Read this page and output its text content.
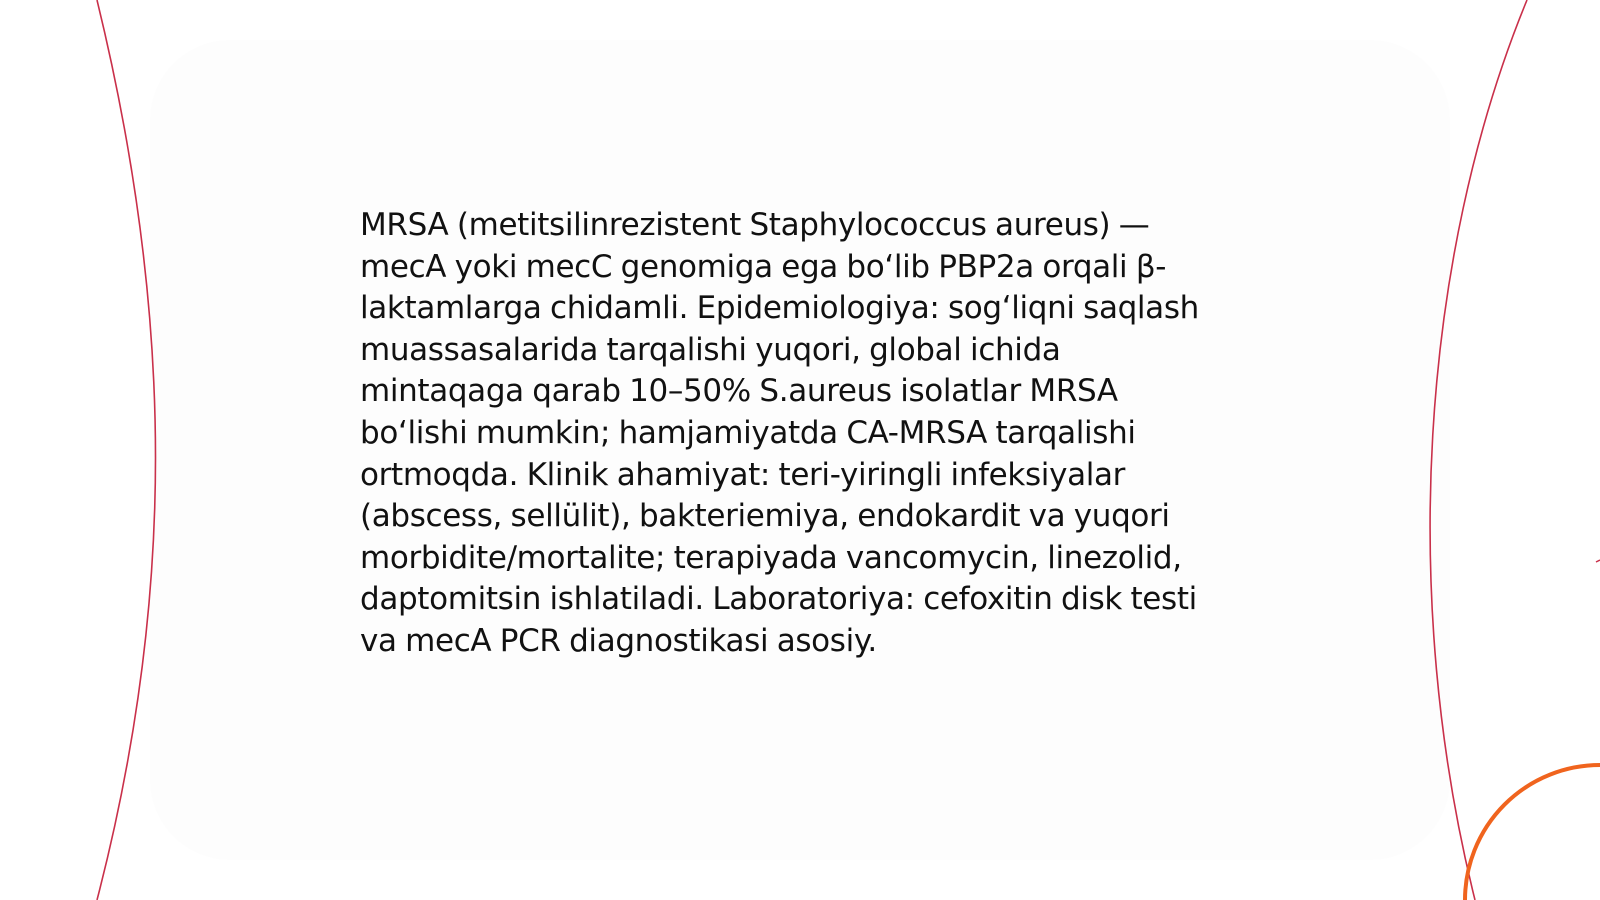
MRSA (metitsilinrezistent Staphylococcus aureus) — mecA yoki mecC genomiga ega bo‘lib PBP2a orqali β-laktamlarga chidamli. Epidemiologiya: sog‘liqni saqlash muassasalarida tarqalishi yuqori, global ichida mintaqaga qarab 10–50% S.aureus isolatlar MRSA bo‘lishi mumkin; hamjamiyatda CA-MRSA tarqalishi ortmoqda. Klinik ahamiyat: teri-yiringli infeksiyalar (abscess, sellülit), bakteriemiya, endokardit va yuqori morbidite/mortalite; terapiyada vancomycin, linezolid, daptomitsin ishlatiladi. Laboratoriya: cefoxitin disk testi va mecA PCR diagnostikasi asosiy.
